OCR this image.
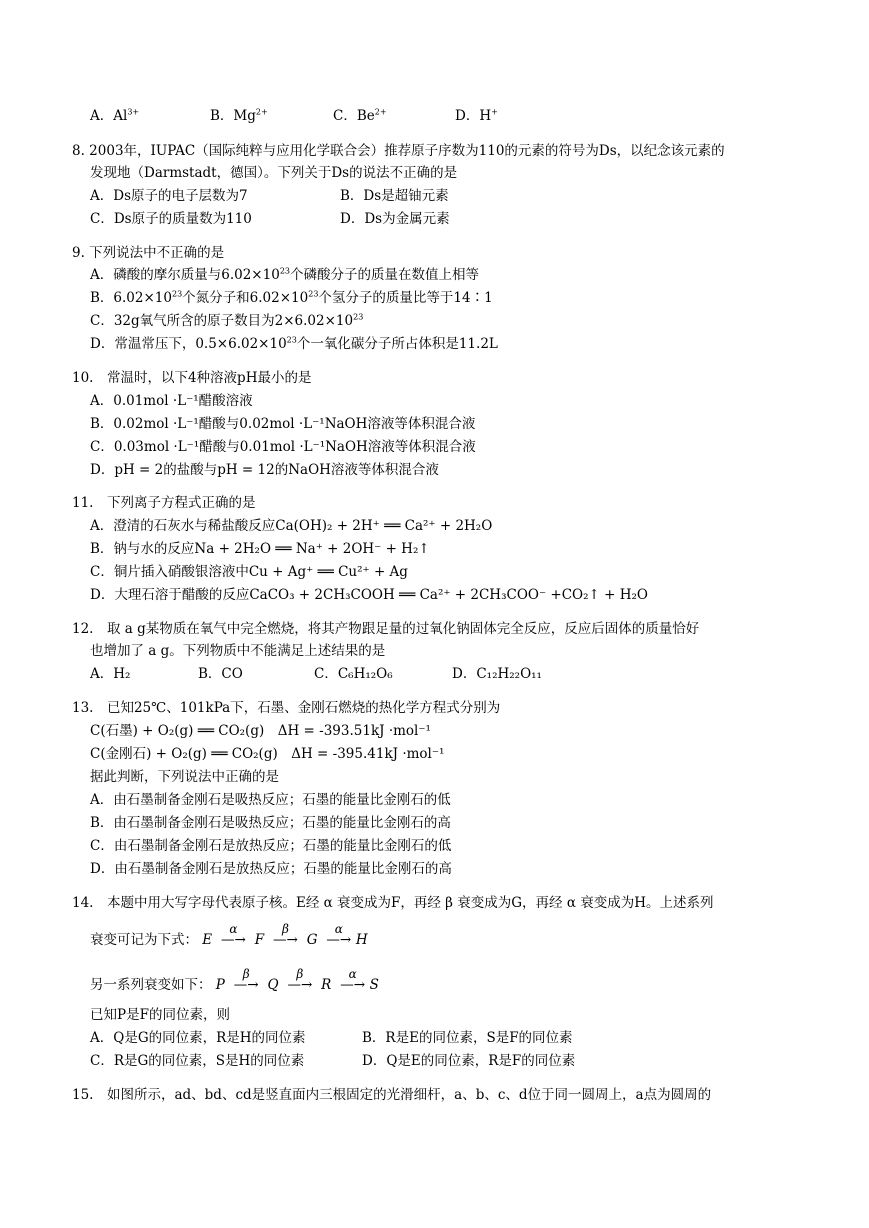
A．$Al^{3+}$	B．$Mg^{2+}$	C．$Be^{2+}$	D．H+
8. 2003年，IUPAC（国际纯粹与应用化学联合会）推荐原子序数为110的元素的符号为Ds，以纪念该元素的
发现地（Darmstadt，德国）。下列关于Ds的说法不正确的是
A．Ds原子的电子层数为7	B．Ds是超铀元素
C．Ds原子的质量数为110	D．Ds为金属元素
9. 下列说法中不正确的是
A．磷酸的摩尔质量与$6.02\times 10^{23}$个磷酸分子的质量在数值上相等
B．$6.02\times 10^{23}$个氮分子和$6.02\times 10^{23}$个氢分子的质量比等于14∶1
C．32g氧气所含的原子数目为$2\times 6.02\times 10^{23}$
D．常温常压下，$0.5\times 6.02\times 10^{23}$个一氧化碳分子所占体积是11.2L
10.　常温时，以下4种溶液pH最小的是
A．0.01mol ·L⁻¹醋酸溶液
B．0.02mol ·L⁻¹醋酸与0.02mol ·L⁻¹NaOH溶液等体积混合液
C．0.03mol ·L⁻¹醋酸与0.01mol ·L⁻¹NaOH溶液等体积混合液
D．pH = 2的盐酸与pH = 12的NaOH溶液等体积混合液
11.　下列离子方程式正确的是
A．澄清的石灰水与稀盐酸反应Ca(OH)₂ + 2H⁺ ══ Ca²⁺ + 2H₂O
B．钠与水的反应Na + 2H₂O ══ Na⁺ + 2OH⁻ + H₂↑
C．铜片插入硝酸银溶液中Cu + Ag⁺ ══ Cu²⁺ + Ag
D．大理石溶于醋酸的反应CaCO₃ + 2CH₃COOH ══ Ca²⁺ + 2CH₃COO⁻ +CO₂↑ + H₂O
12.　取 a g某物质在氧气中完全燃烧，将其产物跟足量的过氧化钠固体完全反应，反应后固体的质量恰好
也增加了 a g。下列物质中不能满足上述结果的是
A．H₂	B．CO	C．C₆H₁₂O₆	D．C₁₂H₂₂O₁₁
13.　已知25℃、101kPa下，石墨、金刚石燃烧的热化学方程式分别为
C(石墨) + O₂(g) ══ CO₂(g)　ΔH = -393.51kJ ·mol⁻¹
C(金刚石) + O₂(g) ══ CO₂(g)　ΔH = -395.41kJ ·mol⁻¹
据此判断，下列说法中正确的是
A．由石墨制备金刚石是吸热反应；石墨的能量比金刚石的低
B．由石墨制备金刚石是吸热反应；石墨的能量比金刚石的高
C．由石墨制备金刚石是放热反应；石墨的能量比金刚石的低
D．由石墨制备金刚石是放热反应；石墨的能量比金刚石的高
14.　本题中用大写字母代表原子核。E经 α 衰变成为F，再经 β 衰变成为G，再经 α 衰变成为H。上述系列
衰变可记为下式： E
α
—→ F
β
—→ G
α
—→ H
另一系列衰变如下： P
β
—→ Q
β
—→ R
α
—→ S
已知P是F的同位素，则
A．Q是G的同位素，R是H的同位素	B．R是E的同位素，S是F的同位素
C．R是G的同位素，S是H的同位素	D．Q是E的同位素，R是F的同位素
15.　如图所示，ad、bd、cd是竖直面内三根固定的光滑细杆，a、b、c、d位于同一圆周上，a点为圆周的
